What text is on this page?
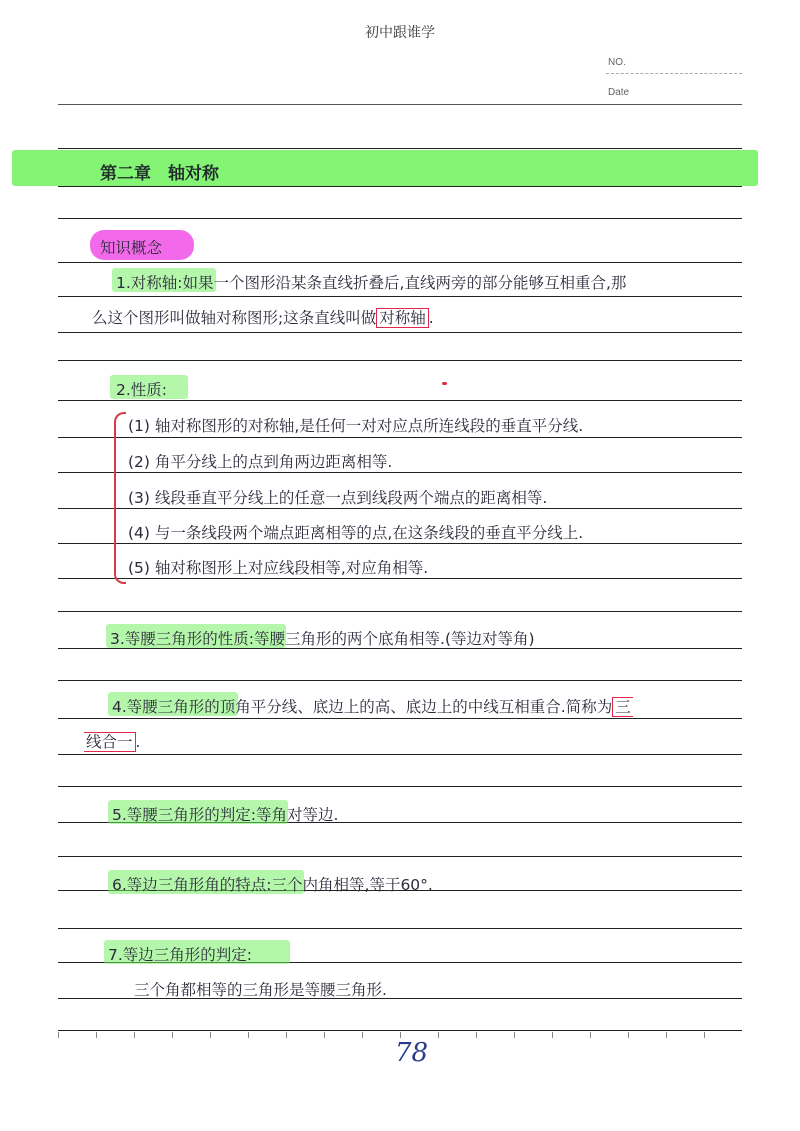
初中跟谁学
NO.
Date
第二章　轴对称
知识概念
1.对称轴:如果一个图形沿某条直线折叠后,直线两旁的部分能够互相重合,那
么这个图形叫做轴对称图形;这条直线叫做 对称轴 .
2.性质:
(1) 轴对称图形的对称轴,是任何一对对应点所连线段的垂直平分线.
(2) 角平分线上的点到角两边距离相等.
(3) 线段垂直平分线上的任意一点到线段两个端点的距离相等.
(4) 与一条线段两个端点距离相等的点,在这条线段的垂直平分线上.
(5) 轴对称图形上对应线段相等,对应角相等.
3.等腰三角形的性质:等腰三角形的两个底角相等.(等边对等角)
4.等腰三角形的顶角平分线、底边上的高、底边上的中线互相重合.简称为 三
线合一 .
5.等腰三角形的判定:等角对等边.
6.等边三角形角的特点:三个内角相等,等于60°.
7.等边三角形的判定:
三个角都相等的三角形是等腰三角形.
78
